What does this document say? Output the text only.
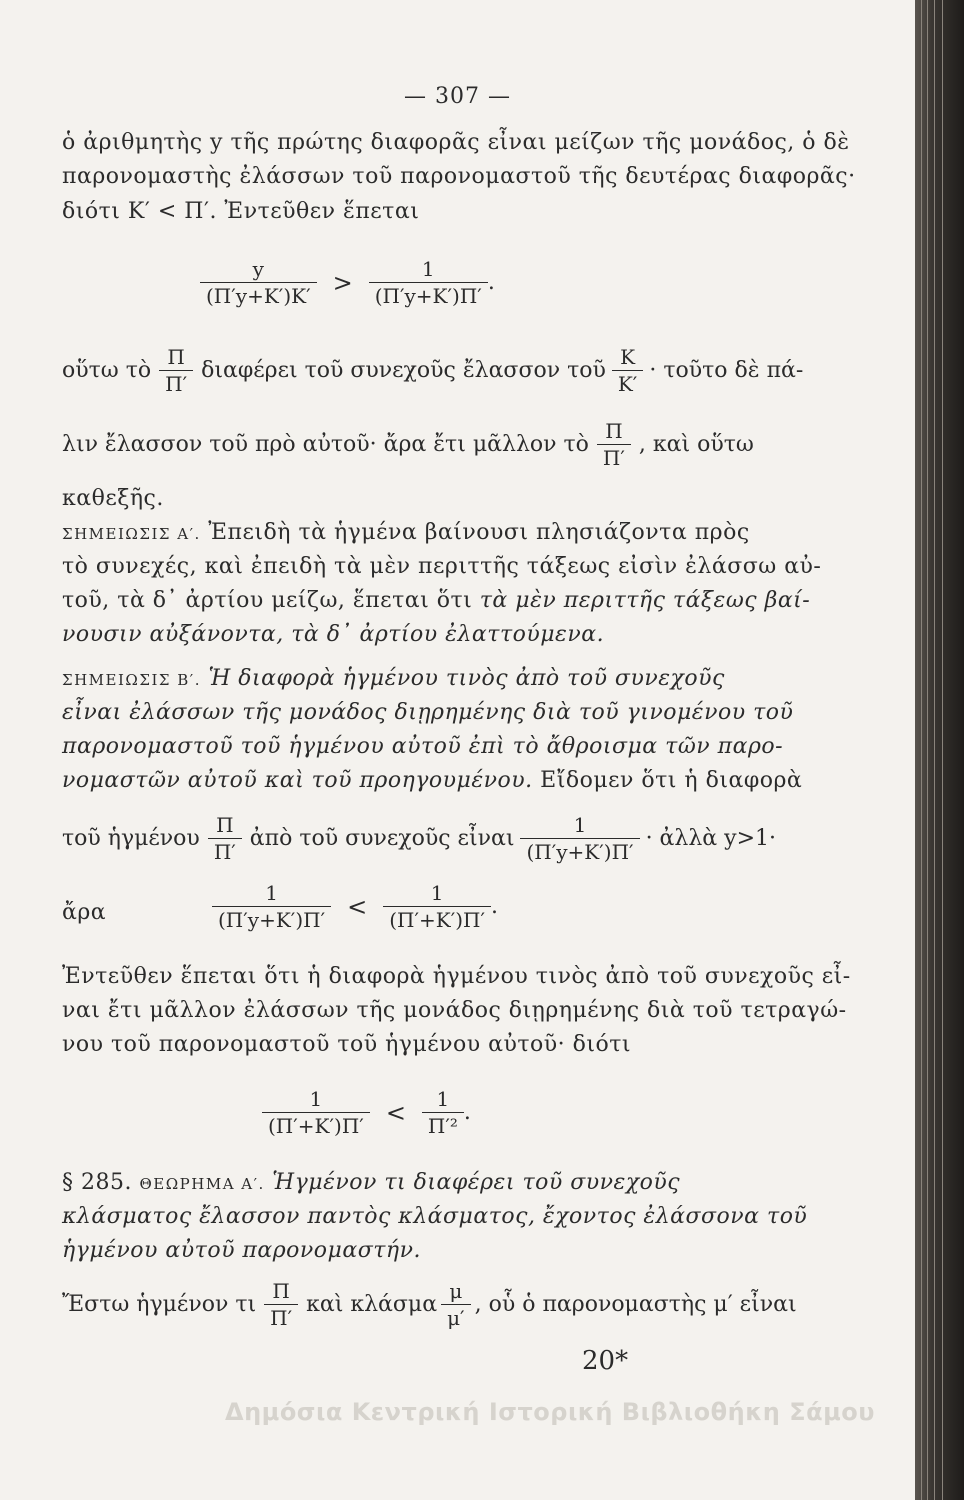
— 307 —
ὁ ἀριθμητὴς y τῆς πρώτης διαφορᾶς εἶναι μείζων τῆς μονάδος, ὁ δὲ
παρονομαστὴς ἐλάσσων τοῦ παρονομαστοῦ τῆς δευτέρας διαφορᾶς·
διότι Κ′ < Π′. Ἐντεῦθεν ἕπεται
$\frac{y}{(\Pi'y+K')K'} > \frac{1}{(\Pi'y+K')\Pi'}$ .
οὕτω τὸ $\frac{\Pi}{\Pi'}$ διαφέρει τοῦ συνεχοῦς ἔλασσον τοῦ $\frac{K}{K'}$ · τοῦτο δὲ πά-
λιν ἔλασσον τοῦ πρὸ αὐτοῦ· ἄρα ἔτι μᾶλλον τὸ $\frac{\Pi}{\Pi'}$ , καὶ οὕτω
καθεξῆς.
ΣΗΜΕΙΩΣΙΣ Α′. Ἐπειδὴ τὰ ἡγμένα βαίνουσι πλησιάζοντα πρὸς
τὸ συνεχές, καὶ ἐπειδὴ τὰ μὲν περιττῆς τάξεως εἰσὶν ἐλάσσω αὐ-
τοῦ, τὰ δ᾽ ἀρτίου μείζω, ἕπεται ὅτι τὰ μὲν περιττῆς τάξεως βαί-
νουσιν αὐξάνοντα, τὰ δ᾽ ἀρτίου ἐλαττούμενα.
ΣΗΜΕΙΩΣΙΣ Β′. Ἡ διαφορὰ ἡγμένου τινὸς ἀπὸ τοῦ συνεχοῦς
εἶναι ἐλάσσων τῆς μονάδος διῃρημένης διὰ τοῦ γινομένου τοῦ
παρονομαστοῦ τοῦ ἡγμένου αὐτοῦ ἐπὶ τὸ ἄθροισμα τῶν παρο-
νομαστῶν αὐτοῦ καὶ τοῦ προηγουμένου. Εἴδομεν ὅτι ἡ διαφορὰ
τοῦ ἡγμένου $\frac{\Pi}{\Pi'}$ ἀπὸ τοῦ συνεχοῦς εἶναι $\frac{1}{(\Pi'y+K')\Pi'}$ · ἀλλὰ y>1·
ἄρα	$\frac{1}{(\Pi'y+K')\Pi'} < \frac{1}{(\Pi'+K')\Pi'}$ .
Ἐντεῦθεν ἕπεται ὅτι ἡ διαφορὰ ἡγμένου τινὸς ἀπὸ τοῦ συνεχοῦς εἶ-
ναι ἔτι μᾶλλον ἐλάσσων τῆς μονάδος διῃρημένης διὰ τοῦ τετραγώ-
νου τοῦ παρονομαστοῦ τοῦ ἡγμένου αὐτοῦ· διότι
$\frac{1}{(\Pi'+K')\Pi'} < \frac{1}{\text{Π′²}}$ .
§ 285. ΘΕΩΡΗΜΑ Α′. Ἡγμένον τι διαφέρει τοῦ συνεχοῦς
κλάσματος ἔλασσον παντὸς κλάσματος, ἔχοντος ἐλάσσονα τοῦ
ἡγμένου αὐτοῦ παρονομαστήν.
Ἔστω ἡγμένον τι $\frac{\Pi}{\Pi'}$ καὶ κλάσμα $\frac{\mu}{\mu'}$ , οὗ ὁ παρονομαστὴς μ′ εἶναι
20*
Δημόσια Κεντρική Ιστορική Βιβλιοθήκη Σάμου
